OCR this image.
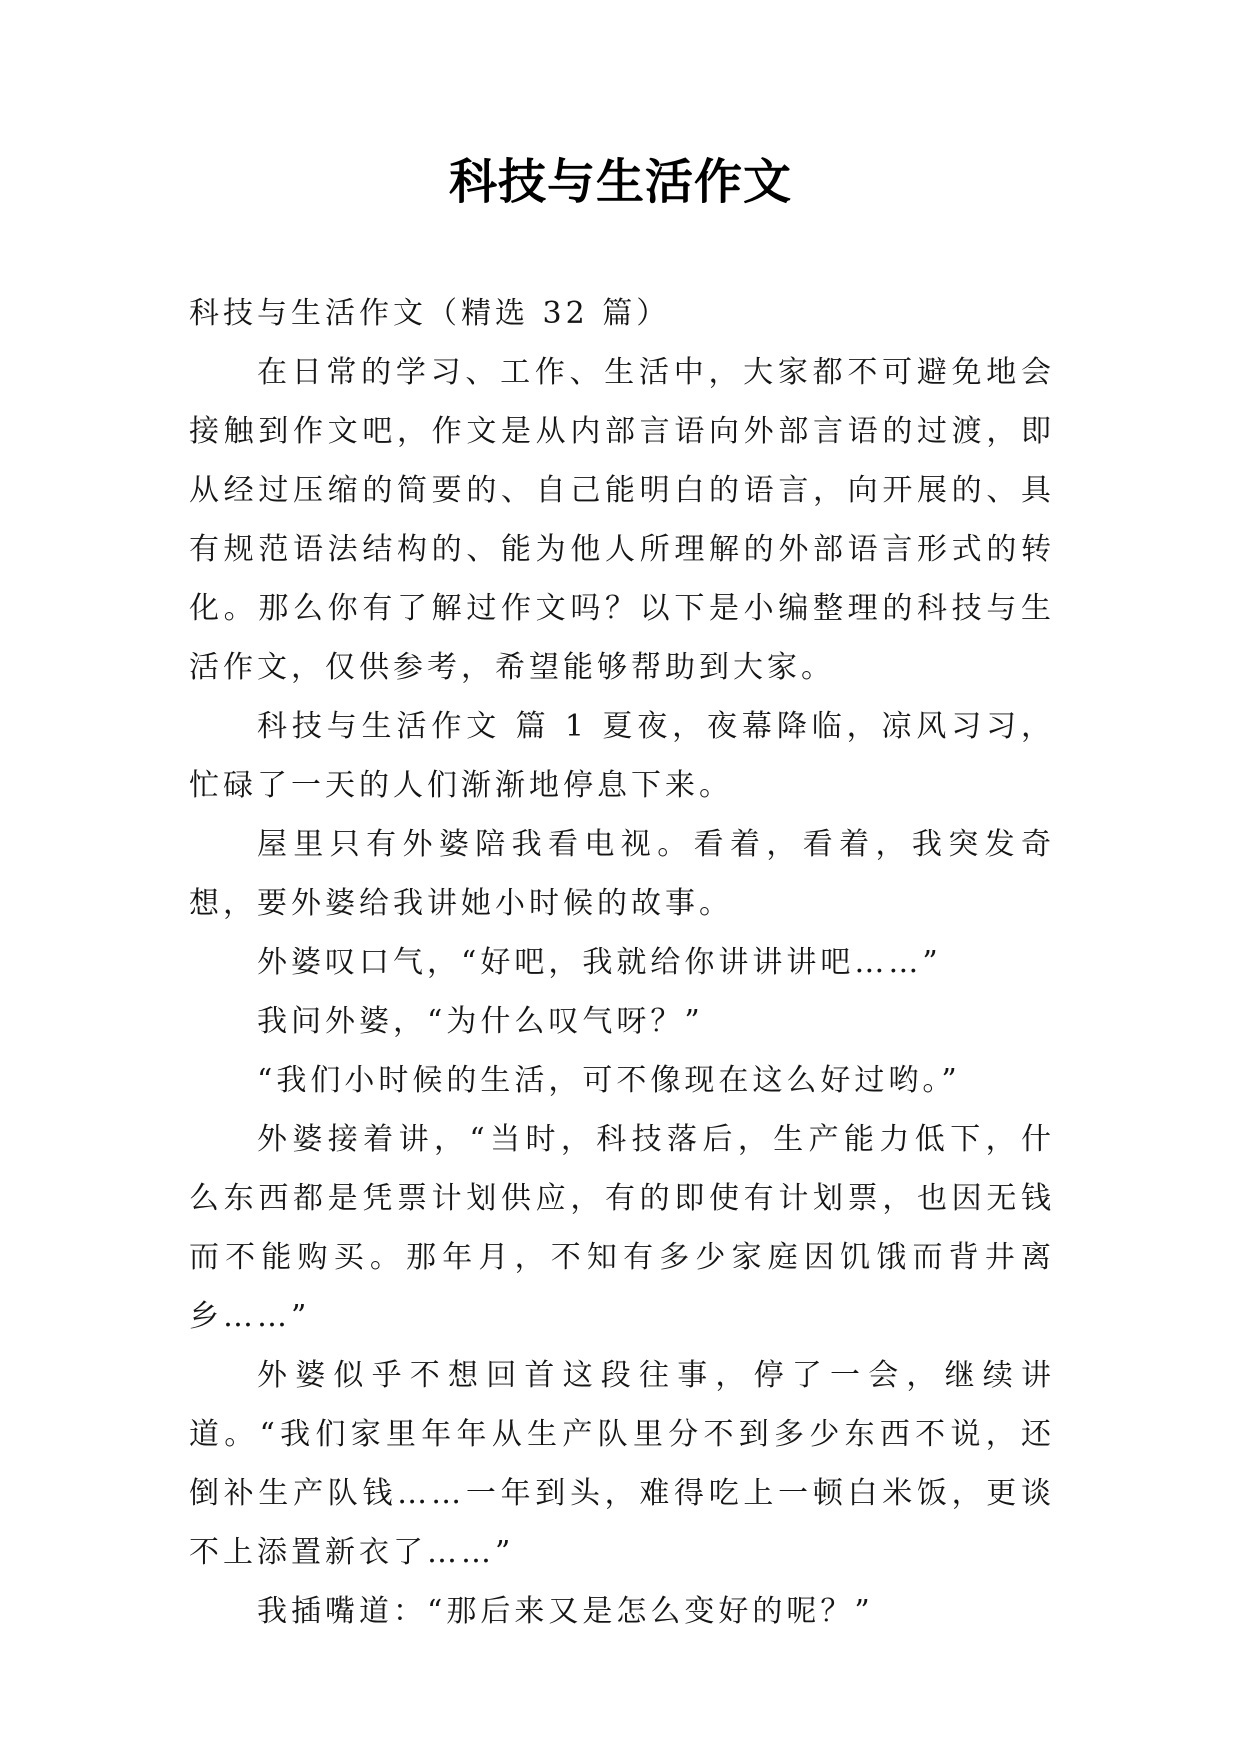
科技与生活作文

科技与生活作文（精选 32 篇）

在日常的学习、工作、生活中，大家都不可避免地会接触到作文吧，作文是从内部言语向外部言语的过渡，即从经过压缩的简要的、自己能明白的语言，向开展的、具有规范语法结构的、能为他人所理解的外部语言形式的转化。那么你有了解过作文吗？以下是小编整理的科技与生活作文，仅供参考，希望能够帮助到大家。

科技与生活作文 篇 1 夏夜，夜幕降临，凉风习习，忙碌了一天的人们渐渐地停息下来。

屋里只有外婆陪我看电视。看着，看着，我突发奇想，要外婆给我讲她小时候的故事。

外婆叹口气，“好吧，我就给你讲讲讲吧……”

我问外婆，“为什么叹气呀？”

“我们小时候的生活，可不像现在这么好过哟。”

外婆接着讲，“当时，科技落后，生产能力低下，什么东西都是凭票计划供应，有的即使有计划票，也因无钱而不能购买。那年月，不知有多少家庭因饥饿而背井离乡……”

外婆似乎不想回首这段往事，停了一会，继续讲道。“我们家里年年从生产队里分不到多少东西不说，还倒补生产队钱……一年到头，难得吃上一顿白米饭，更谈不上添置新衣了……”

我插嘴道：“那后来又是怎么变好的呢？”
